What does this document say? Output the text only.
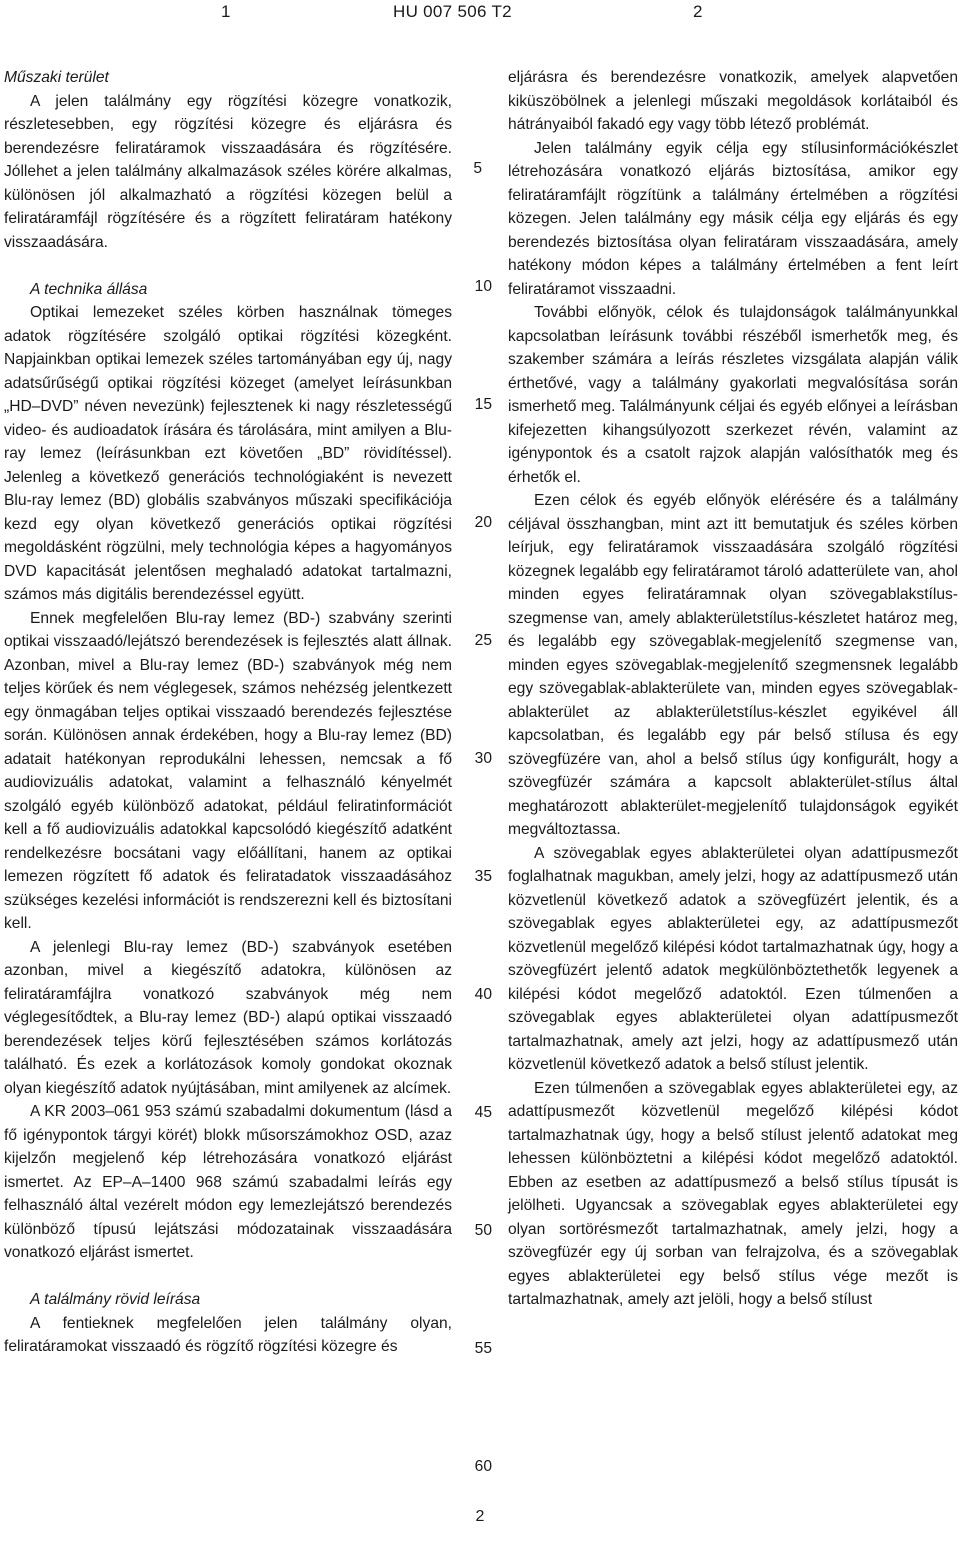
1	HU 007 506 T2	2

Műszaki terület

A jelen találmány egy rögzítési közegre vonatkozik, részletesebben, egy rögzítési közegre és eljárásra és berendezésre feliratáramok visszaadására és rögzítésére. Jóllehet a jelen találmány alkalmazások széles körére alkalmas, különösen jól alkalmazható a rögzítési közegen belül a feliratáramfájl rögzítésére és a rögzített feliratáram hatékony visszaadására.

A technika állása

Optikai lemezeket széles körben használnak tömeges adatok rögzítésére szolgáló optikai rögzítési közegként. Napjainkban optikai lemezek széles tartományában egy új, nagy adatsűrűségű optikai rögzítési közeget (amelyet leírásunkban „HD–DVD” néven nevezünk) fejlesztenek ki nagy részletességű video- és audioadatok írására és tárolására, mint amilyen a Blu-ray lemez (leírásunkban ezt követően „BD” rövidítéssel). Jelenleg a következő generációs technológiaként is nevezett Blu-ray lemez (BD) globális szabványos műszaki specifikációja kezd egy olyan következő generációs optikai rögzítési megoldásként rögzülni, mely technológia képes a hagyományos DVD kapacitását jelentősen meghaladó adatokat tartalmazni, számos más digitális berendezéssel együtt.

Ennek megfelelően Blu-ray lemez (BD-) szabvány szerinti optikai visszaadó/lejátszó berendezések is fejlesztés alatt állnak. Azonban, mivel a Blu-ray lemez (BD-) szabványok még nem teljes körűek és nem véglegesek, számos nehézség jelentkezett egy önmagában teljes optikai visszaadó berendezés fejlesztése során. Különösen annak érdekében, hogy a Blu-ray lemez (BD) adatait hatékonyan reprodukálni lehessen, nemcsak a fő audiovizuális adatokat, valamint a felhasználó kényelmét szolgáló egyéb különböző adatokat, például feliratinformációt kell a fő audiovizuális adatokkal kapcsolódó kiegészítő adatként rendelkezésre bocsátani vagy előállítani, hanem az optikai lemezen rögzített fő adatok és feliratadatok visszaadásához szükséges kezelési információt is rendszerezni kell és biztosítani kell.

A jelenlegi Blu-ray lemez (BD-) szabványok esetében azonban, mivel a kiegészítő adatokra, különösen az feliratáramfájlra vonatkozó szabványok még nem véglegesítődtek, a Blu-ray lemez (BD-) alapú optikai visszaadó berendezések teljes körű fejlesztésében számos korlátozás található. És ezek a korlátozások komoly gondokat okoznak olyan kiegészítő adatok nyújtásában, mint amilyenek az alcímek.

A KR 2003–061 953 számú szabadalmi dokumentum (lásd a fő igénypontok tárgyi körét) blokk műsorszámokhoz OSD, azaz kijelzőn megjelenő kép létrehozására vonatkozó eljárást ismertet. Az EP–A–1400 968 számú szabadalmi leírás egy felhasználó által vezérelt módon egy lemezlejátszó berendezés különböző típusú lejátszási módozatainak visszaadására vonatkozó eljárást ismertet.

A találmány rövid leírása

A fentieknek megfelelően jelen találmány olyan, feliratáramokat visszaadó és rögzítő rögzítési közegre és

eljárásra és berendezésre vonatkozik, amelyek alapvetően kiküszöbölnek a jelenlegi műszaki megoldások korlátaiból és hátrányaiból fakadó egy vagy több létező problémát.

Jelen találmány egyik célja egy stílusinformációkészlet létrehozására vonatkozó eljárás biztosítása, amikor egy feliratáramfájlt rögzítünk a találmány értelmében a rögzítési közegen. Jelen találmány egy másik célja egy eljárás és egy berendezés biztosítása olyan feliratáram visszaadására, amely hatékony módon képes a találmány értelmében a fent leírt feliratáramot visszaadni.

További előnyök, célok és tulajdonságok találmányunkkal kapcsolatban leírásunk további részéből ismerhetők meg, és szakember számára a leírás részletes vizsgálata alapján válik érthetővé, vagy a találmány gyakorlati megvalósítása során ismerhető meg. Találmányunk céljai és egyéb előnyei a leírásban kifejezetten kihangsúlyozott szerkezet révén, valamint az igénypontok és a csatolt rajzok alapján valósíthatók meg és érhetők el.

Ezen célok és egyéb előnyök elérésére és a találmány céljával összhangban, mint azt itt bemutatjuk és széles körben leírjuk, egy feliratáramok visszaadására szolgáló rögzítési közegnek legalább egy feliratáramot tároló adatterülete van, ahol minden egyes feliratáramnak olyan szövegablakstílus-szegmense van, amely ablakterületstílus-készletet határoz meg, és legalább egy szövegablak-megjelenítő szegmense van, minden egyes szövegablak-megjelenítő szegmensnek legalább egy szövegablak-ablakterülete van, minden egyes szövegablak-ablakterület az ablakterületstílus-készlet egyikével áll kapcsolatban, és legalább egy pár belső stílusa és egy szövegfüzére van, ahol a belső stílus úgy konfigurált, hogy a szövegfüzér számára a kapcsolt ablakterület-stílus által meghatározott ablakterület-megjelenítő tulajdonságok egyikét megváltoztassa.

A szövegablak egyes ablakterületei olyan adattípusmezőt foglalhatnak magukban, amely jelzi, hogy az adattípusmező után közvetlenül következő adatok a szövegfüzért jelentik, és a szövegablak egyes ablakterületei egy, az adattípusmezőt közvetlenül megelőző kilépési kódot tartalmazhatnak úgy, hogy a szövegfüzért jelentő adatok megkülönböztethetők legyenek a kilépési kódot megelőző adatoktól. Ezen túlmenően a szövegablak egyes ablakterületei olyan adattípusmezőt tartalmazhatnak, amely azt jelzi, hogy az adattípusmező után közvetlenül következő adatok a belső stílust jelentik.

Ezen túlmenően a szövegablak egyes ablakterületei egy, az adattípusmezőt közvetlenül megelőző kilépési kódot tartalmazhatnak úgy, hogy a belső stílust jelentő adatokat meg lehessen különböztetni a kilépési kódot megelőző adatoktól. Ebben az esetben az adattípusmező a belső stílus típusát is jelölheti. Ugyancsak a szövegablak egyes ablakterületei egy olyan sortörésmezőt tartalmazhatnak, amely jelzi, hogy a szövegfüzér egy új sorban van felrajzolva, és a szövegablak egyes ablakterületei egy belső stílus vége mezőt is tartalmazhatnak, amely azt jelöli, hogy a belső stílust

5
10
15
20
25
30
35
40
45
50
55
60
2
